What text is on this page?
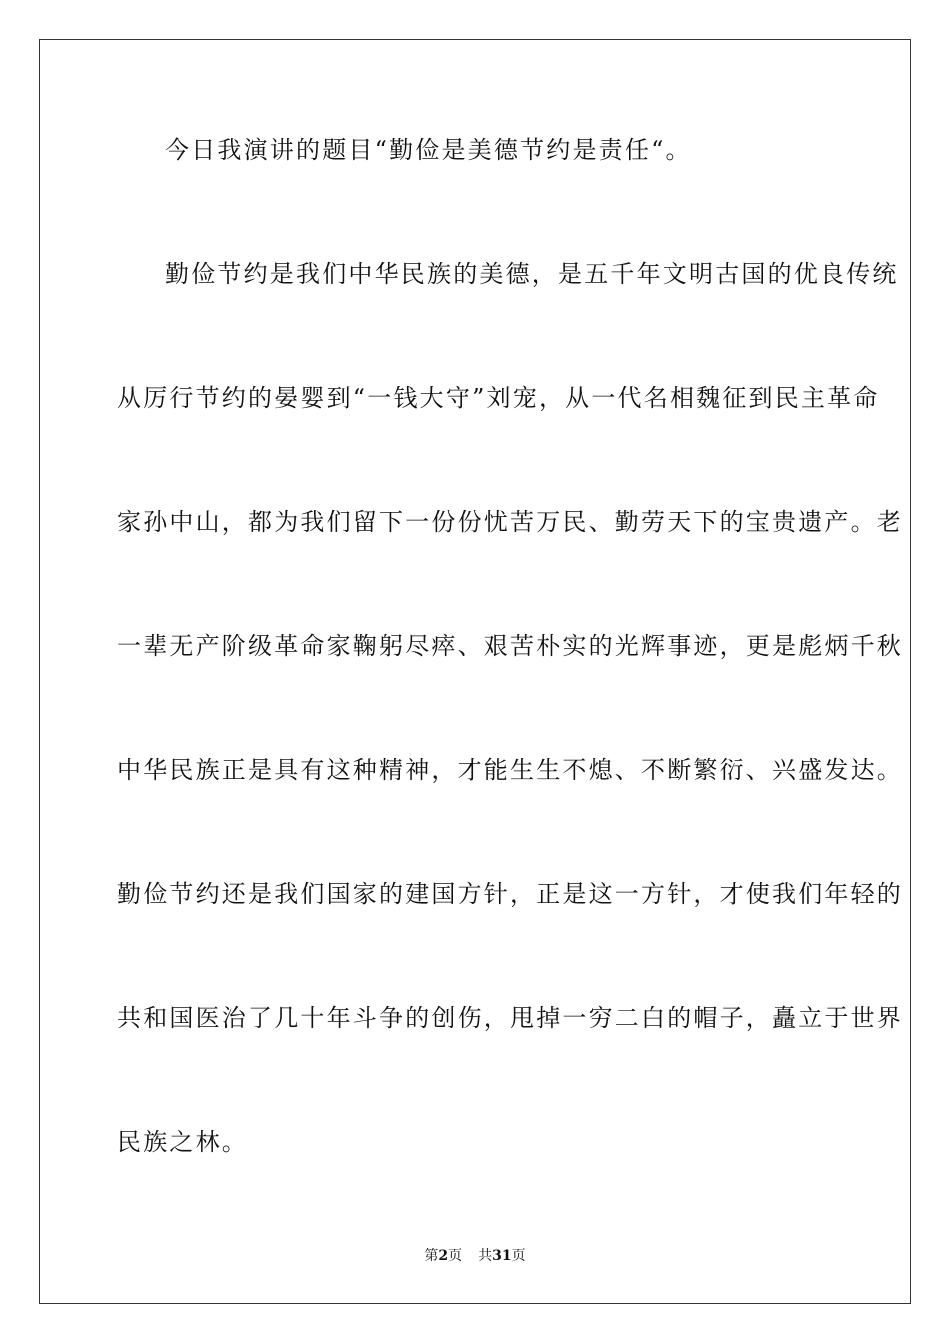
今日我演讲的题目“勤俭是美德节约是责任“。
勤俭节约是我们中华民族的美德，是五千年文明古国的优良传统
从厉行节约的晏婴到“一钱大守”刘宠，从一代名相魏征到民主革命
家孙中山，都为我们留下一份份忧苦万民、勤劳天下的宝贵遗产。老
一辈无产阶级革命家鞠躬尽瘁、艰苦朴实的光辉事迹，更是彪炳千秋
中华民族正是具有这种精神，才能生生不熄、不断繁衍、兴盛发达。
勤俭节约还是我们国家的建国方针，正是这一方针，才使我们年轻的
共和国医治了几十年斗争的创伤，甩掉一穷二白的帽子，矗立于世界
民族之林。
第2页 共31页
